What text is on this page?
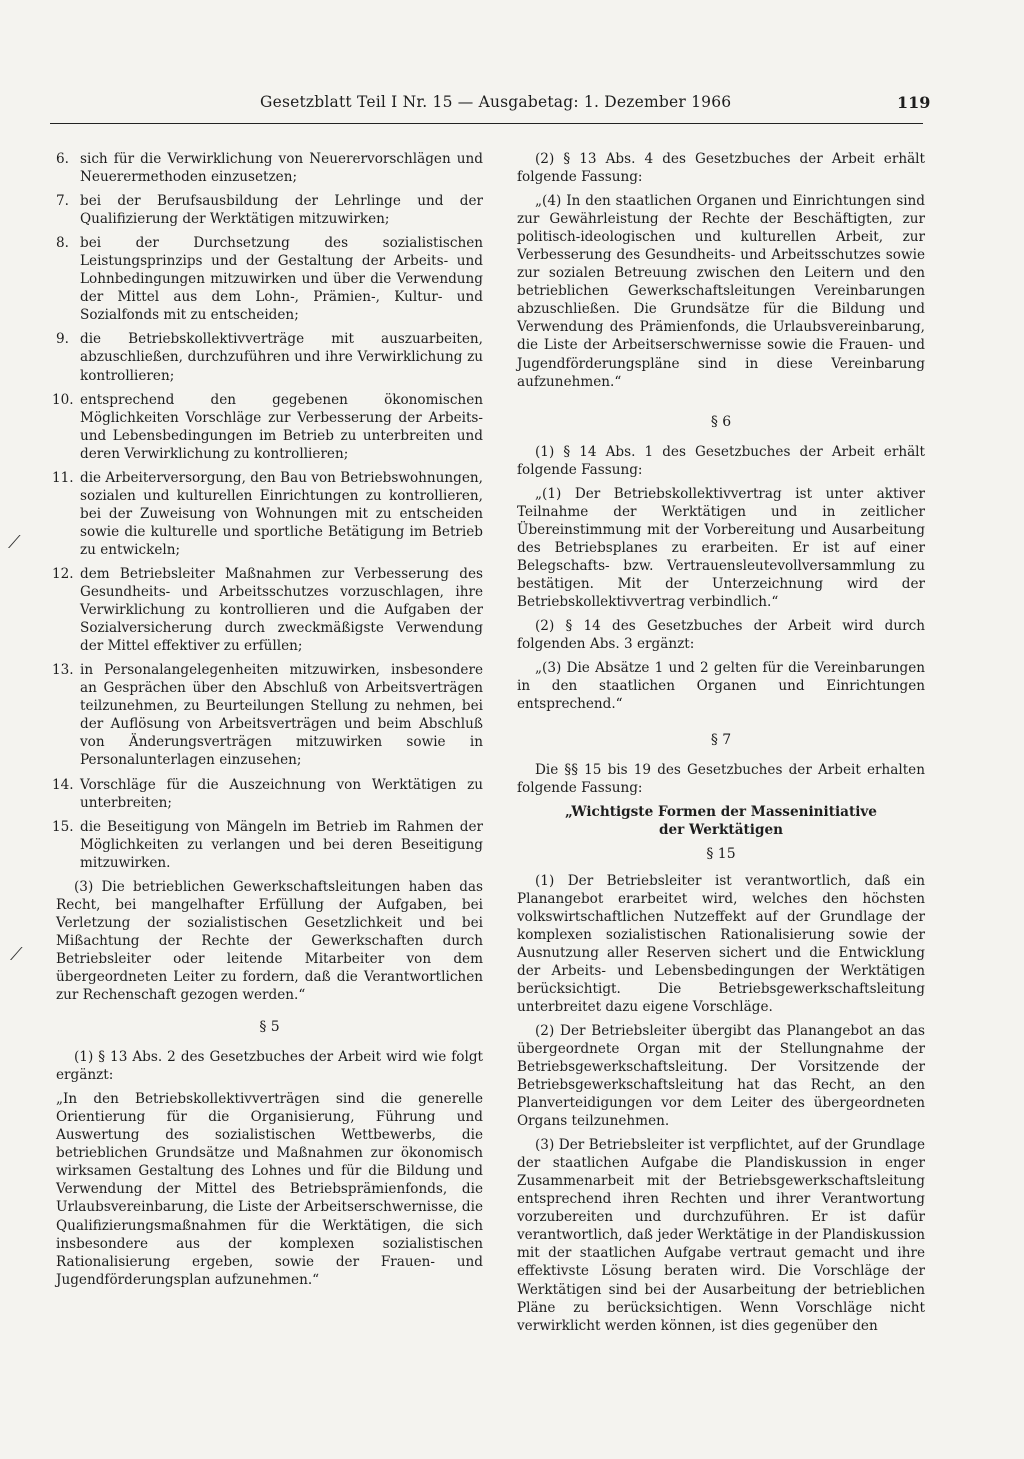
Gesetzblatt Teil I Nr. 15 — Ausgabetag: 1. Dezember 1966	119
⟋
⟋
6. sich für die Verwirklichung von Neuerervorschlägen und Neuerermethoden einzusetzen;
7. bei der Berufsausbildung der Lehrlinge und der Qualifizierung der Werktätigen mitzuwirken;
8. bei der Durchsetzung des sozialistischen Leistungsprinzips und der Gestaltung der Arbeits- und Lohnbedingungen mitzuwirken und über die Verwendung der Mittel aus dem Lohn-, Prämien-, Kultur- und Sozialfonds mit zu entscheiden;
9. die Betriebskollektivverträge mit auszuarbeiten, abzuschließen, durchzuführen und ihre Verwirklichung zu kontrollieren;
10. entsprechend den gegebenen ökonomischen Möglichkeiten Vorschläge zur Verbesserung der Arbeits- und Lebensbedingungen im Betrieb zu unterbreiten und deren Verwirklichung zu kontrollieren;
11. die Arbeiterversorgung, den Bau von Betriebswohnungen, sozialen und kulturellen Einrichtungen zu kontrollieren, bei der Zuweisung von Wohnungen mit zu entscheiden sowie die kulturelle und sportliche Betätigung im Betrieb zu entwickeln;
12. dem Betriebsleiter Maßnahmen zur Verbesserung des Gesundheits- und Arbeitsschutzes vorzuschlagen, ihre Verwirklichung zu kontrollieren und die Aufgaben der Sozialversicherung durch zweckmäßigste Verwendung der Mittel effektiver zu erfüllen;
13. in Personalangelegenheiten mitzuwirken, insbesondere an Gesprächen über den Abschluß von Arbeitsverträgen teilzunehmen, zu Beurteilungen Stellung zu nehmen, bei der Auflösung von Arbeitsverträgen und beim Abschluß von Änderungsverträgen mitzuwirken sowie in Personalunterlagen einzusehen;
14. Vorschläge für die Auszeichnung von Werktätigen zu unterbreiten;
15. die Beseitigung von Mängeln im Betrieb im Rahmen der Möglichkeiten zu verlangen und bei deren Beseitigung mitzuwirken.

(3) Die betrieblichen Gewerkschaftsleitungen haben das Recht, bei mangelhafter Erfüllung der Aufgaben, bei Verletzung der sozialistischen Gesetzlichkeit und bei Mißachtung der Rechte der Gewerkschaften durch Betriebsleiter oder leitende Mitarbeiter von dem übergeordneten Leiter zu fordern, daß die Verantwortlichen zur Rechenschaft gezogen werden.“

§ 5

(1) § 13 Abs. 2 des Gesetzbuches der Arbeit wird wie folgt ergänzt:

„In den Betriebskollektivverträgen sind die generelle Orientierung für die Organisierung, Führung und Auswertung des sozialistischen Wettbewerbs, die betrieblichen Grundsätze und Maßnahmen zur ökonomisch wirksamen Gestaltung des Lohnes und für die Bildung und Verwendung der Mittel des Betriebsprämienfonds, die Urlaubsvereinbarung, die Liste der Arbeitserschwernisse, die Qualifizierungsmaßnahmen für die Werktätigen, die sich insbesondere aus der komplexen sozialistischen Rationalisierung ergeben, sowie der Frauen- und Jugendförderungsplan aufzunehmen.“

(2) § 13 Abs. 4 des Gesetzbuches der Arbeit erhält folgende Fassung:

„(4) In den staatlichen Organen und Einrichtungen sind zur Gewährleistung der Rechte der Beschäftigten, zur politisch-ideologischen und kulturellen Arbeit, zur Verbesserung des Gesundheits- und Arbeitsschutzes sowie zur sozialen Betreuung zwischen den Leitern und den betrieblichen Gewerkschaftsleitungen Vereinbarungen abzuschließen. Die Grundsätze für die Bildung und Verwendung des Prämienfonds, die Urlaubsvereinbarung, die Liste der Arbeitserschwernisse sowie die Frauen- und Jugendförderungspläne sind in diese Vereinbarung aufzunehmen.“

§ 6

(1) § 14 Abs. 1 des Gesetzbuches der Arbeit erhält folgende Fassung:

„(1) Der Betriebskollektivvertrag ist unter aktiver Teilnahme der Werktätigen und in zeitlicher Übereinstimmung mit der Vorbereitung und Ausarbeitung des Betriebsplanes zu erarbeiten. Er ist auf einer Belegschafts- bzw. Vertrauensleutevollversammlung zu bestätigen. Mit der Unterzeichnung wird der Betriebskollektivvertrag verbindlich.“

(2) § 14 des Gesetzbuches der Arbeit wird durch folgenden Abs. 3 ergänzt:

„(3) Die Absätze 1 und 2 gelten für die Vereinbarungen in den staatlichen Organen und Einrichtungen entsprechend.“

§ 7

Die §§ 15 bis 19 des Gesetzbuches der Arbeit erhalten folgende Fassung:

„Wichtigste Formen der Masseninitiative
der Werktätigen
§ 15

(1) Der Betriebsleiter ist verantwortlich, daß ein Planangebot erarbeitet wird, welches den höchsten volkswirtschaftlichen Nutzeffekt auf der Grundlage der komplexen sozialistischen Rationalisierung sowie der Ausnutzung aller Reserven sichert und die Entwicklung der Arbeits- und Lebensbedingungen der Werktätigen berücksichtigt. Die Betriebsgewerkschaftsleitung unterbreitet dazu eigene Vorschläge.

(2) Der Betriebsleiter übergibt das Planangebot an das übergeordnete Organ mit der Stellungnahme der Betriebsgewerkschaftsleitung. Der Vorsitzende der Betriebsgewerkschaftsleitung hat das Recht, an den Planverteidigungen vor dem Leiter des übergeordneten Organs teilzunehmen.

(3) Der Betriebsleiter ist verpflichtet, auf der Grundlage der staatlichen Aufgabe die Plandiskussion in enger Zusammenarbeit mit der Betriebsgewerkschaftsleitung entsprechend ihren Rechten und ihrer Verantwortung vorzubereiten und durchzuführen. Er ist dafür verantwortlich, daß jeder Werktätige in der Plandiskussion mit der staatlichen Aufgabe vertraut gemacht und ihre effektivste Lösung beraten wird. Die Vorschläge der Werktätigen sind bei der Ausarbeitung der betrieblichen Pläne zu berücksichtigen. Wenn Vorschläge nicht verwirklicht werden können, ist dies gegenüber den
